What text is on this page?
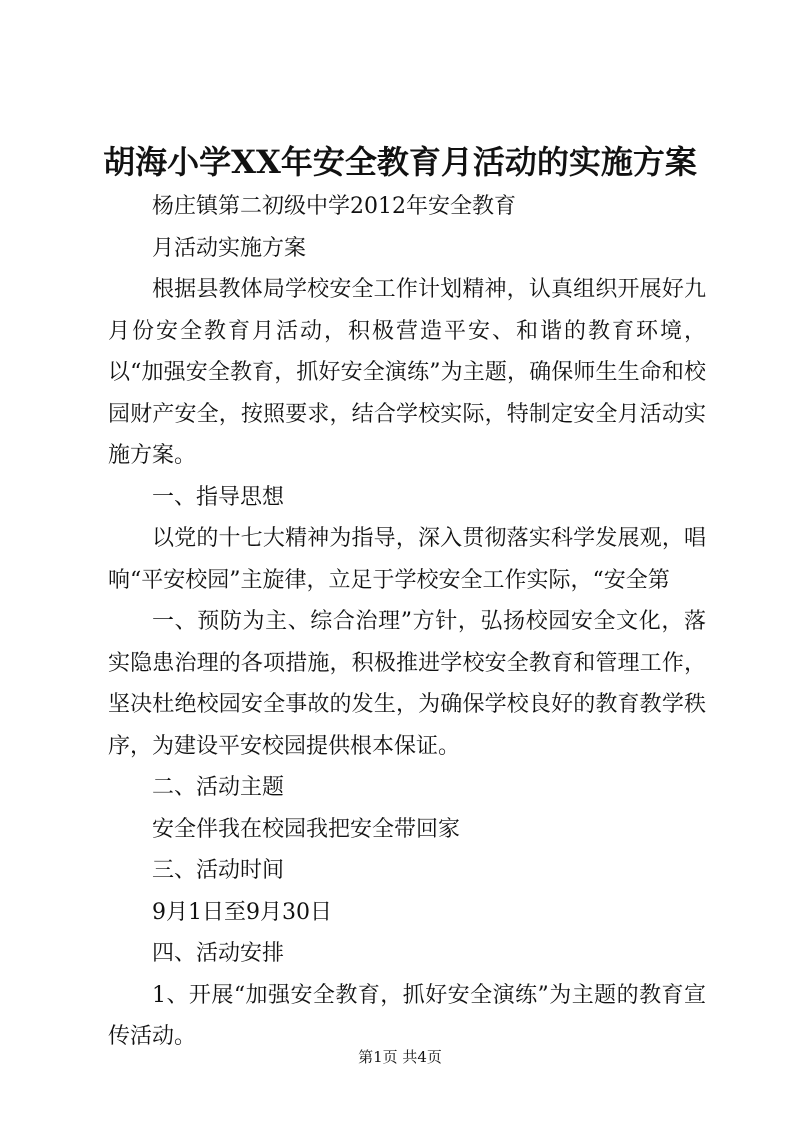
胡海小学XX年安全教育月活动的实施方案

杨庄镇第二初级中学2012年安全教育

月活动实施方案

根据县教体局学校安全工作计划精神，认真组织开展好九月份安全教育月活动，积极营造平安、和谐的教育环境，以“加强安全教育，抓好安全演练”为主题，确保师生生命和校园财产安全，按照要求，结合学校实际，特制定安全月活动实施方案。

一、指导思想

以党的十七大精神为指导，深入贯彻落实科学发展观，唱响“平安校园”主旋律，立足于学校安全工作实际，“安全第

一、预防为主、综合治理”方针，弘扬校园安全文化，落实隐患治理的各项措施，积极推进学校安全教育和管理工作，坚决杜绝校园安全事故的发生，为确保学校良好的教育教学秩序，为建设平安校园提供根本保证。

二、活动主题

安全伴我在校园我把安全带回家

三、活动时间

9月1日至9月30日

四、活动安排

1、开展“加强安全教育，抓好安全演练”为主题的教育宣传活动。

第1页 共4页
